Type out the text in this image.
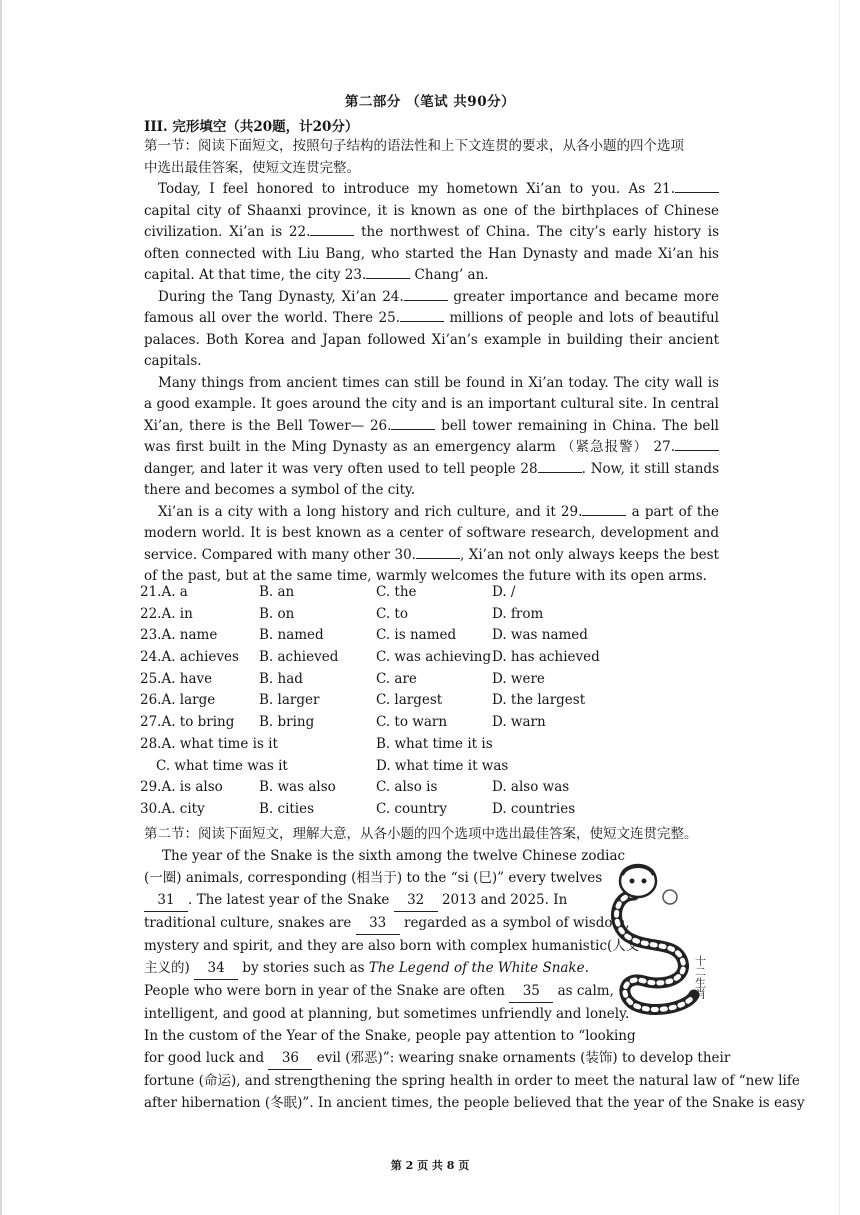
第二部分 （笔试 共90分）
III. 完形填空（共20题，计20分）

第一节：阅读下面短文，按照句子结构的语法性和上下文连贯的要求，从各小题的四个选项

中选出最佳答案，使短文连贯完整。

Today, I feel honored to introduce my hometown Xi’an to you. As 21. capital city of Shaanxi province, it is known as one of the birthplaces of Chinese civilization. Xi’an is 22.	the northwest of China. The city’s early history is often connected with Liu Bang, who started the Han Dynasty and made Xi’an his capital. At that time, the city 23.	Chang’ an.

During the Tang Dynasty, Xi’an 24.	greater importance and became more famous all over the world. There 25.	millions of people and lots of beautiful palaces. Both Korea and Japan followed Xi’an’s example in building their ancient capitals.

Many things from ancient times can still be found in Xi’an today. The city wall is a good example. It goes around the city and is an important cultural site. In central Xi’an, there is the Bell Tower— 26.	bell tower remaining in China. The bell was first built in the Ming Dynasty as an emergency alarm （紧急报警） 27. danger, and later it was very often used to tell people 28	. Now, it still stands there and becomes a symbol of the city.

Xi’an is a city with a long history and rich culture, and it 29.	a part of the modern world. It is best known as a center of software research, development and service. Compared with many other 30.	, Xi’an not only always keeps the best of the past, but at the same time, warmly welcomes the future with its open arms.

21.A. a	B. an	C. the	D. /
22.A. in	B. on	C. to	D. from
23.A. name	B. named	C. is named	D. was named
24.A. achieves B. achieved	C. was achieving D. has achieved
25.A. have	B. had	C. are	D. were
26.A. large	B. larger	C. largest	D. the largest
27.A. to bring B. bring	C. to warn	D. warn
28.A. what time is it	B. what time it is
C. what time was it	D. what time it was
29.A. is also	B. was also	C. also is	D. also was
30.A. city	B. cities	C. country	D. countries
第二节：阅读下面短文，理解大意，从各小题的四个选项中选出最佳答案，使短文连贯完整。
The year of the Snake is the sixth among the twelve Chinese zodiac
(一圈) animals, corresponding (相当于) to the “si (巳)” every twelves
31 . The latest year of the Snake 32 2013 and 2025. In
traditional culture, snakes are 33 regarded as a symbol of wisdom,
mystery and spirit, and they are also born with complex humanistic(人文
主义的) 34 by stories such as The Legend of the White Snake.
People who were born in year of the Snake are often 35 as calm,
intelligent, and good at planning, but sometimes unfriendly and lonely.
In the custom of the Year of the Snake, people pay attention to “looking
for good luck and 36 evil (邪恶)”: wearing snake ornaments (装饰) to develop their
fortune (命运), and strengthening the spring health in order to meet the natural law of “new life
after hibernation (冬眠)”. In ancient times, the people believed that the year of the Snake is easy
十二生肖
第 2 页 共 8 页
